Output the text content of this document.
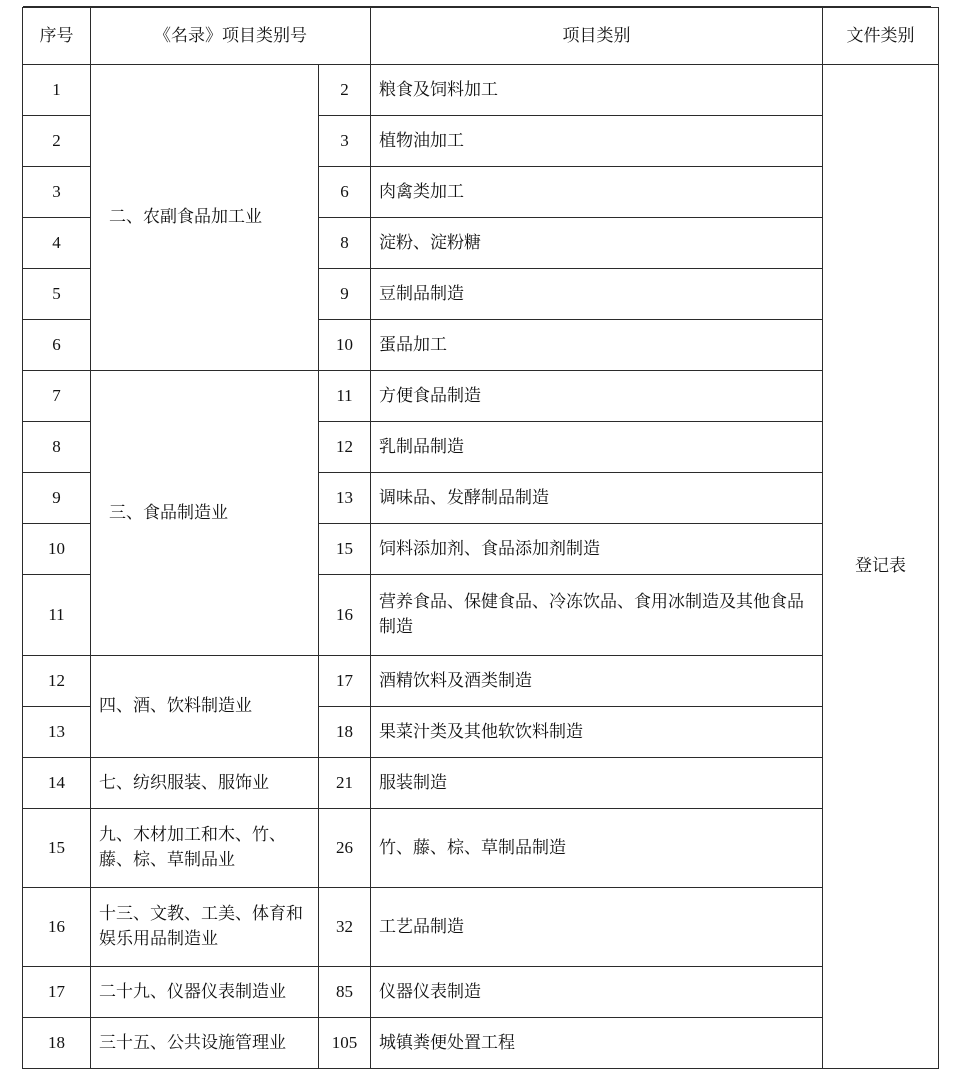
序号	《名录》项目类别号		项目类别	文件类别
1	二、农副食品加工业	2	粮食及饲料加工	登记表
2		3	植物油加工	
3		6	肉禽类加工	
4		8	淀粉、淀粉糖	
5		9	豆制品制造	
6		10	蛋品加工	
7	三、食品制造业	11	方便食品制造	
8		12	乳制品制造	
9		13	调味品、发酵制品制造	
10		15	饲料添加剂、食品添加剂制造	
11		16	营养食品、保健食品、冷冻饮品、食用冰制造及其他食品制造	
12	四、酒、饮料制造业	17	酒精饮料及酒类制造	
13		18	果菜汁类及其他软饮料制造	
14	七、纺织服装、服饰业	21	服装制造	
15	九、木材加工和木、竹、藤、棕、草制品业	26	竹、藤、棕、草制品制造	
16	十三、文教、工美、体育和娱乐用品制造业	32	工艺品制造	
17	二十九、仪器仪表制造业	85	仪器仪表制造	
18	三十五、公共设施管理业	105	城镇粪便处置工程	
